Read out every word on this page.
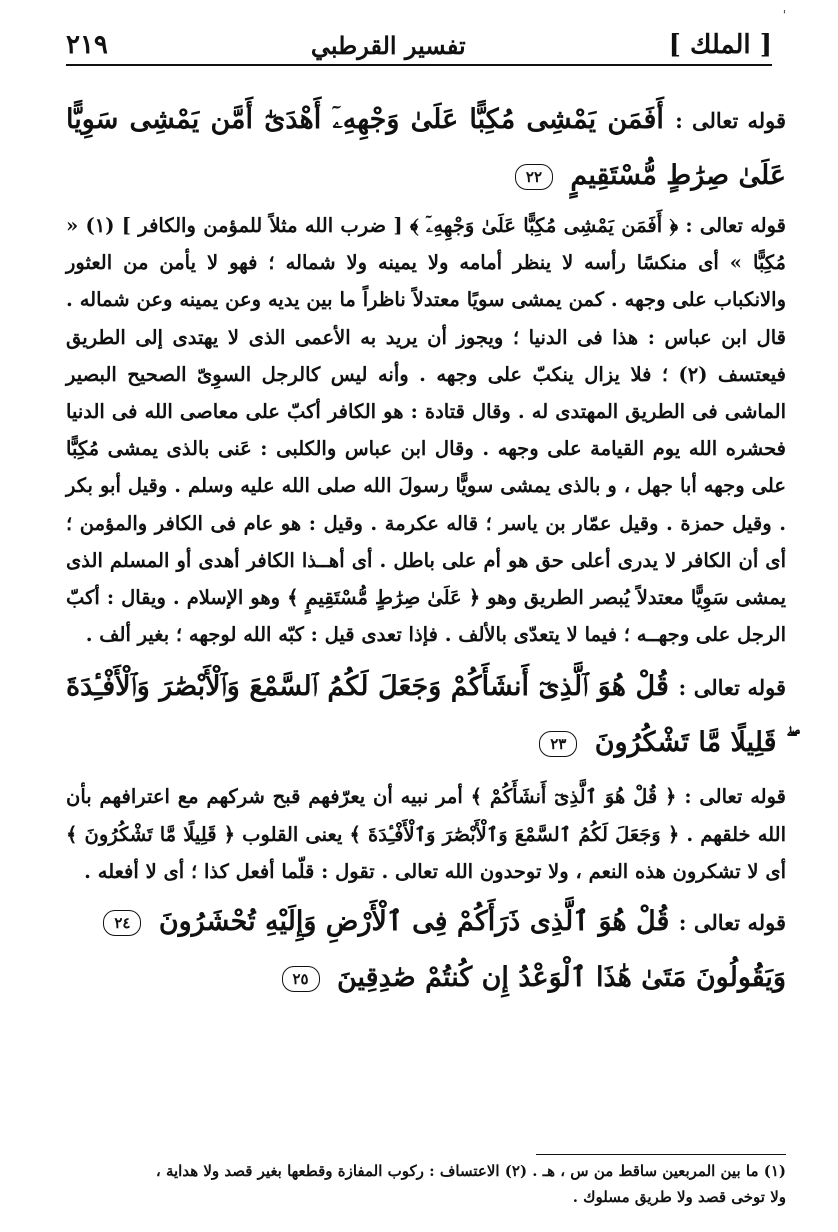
'
[ الملك ]
تفسير القرطبي
٢١٩

قوله تعالى : أَفَمَن يَمْشِى مُكِبًّا عَلَىٰ وَجْهِهِۦٓ أَهْدَىٰٓ أَمَّن يَمْشِى سَوِيًّا عَلَىٰ صِرَٰطٍ مُّسْتَقِيمٍ ٢٢

قوله تعالى : ﴿ أَفَمَن يَمْشِى مُكِبًّا عَلَىٰ وَجْهِهِۦٓ ﴾ [ ضرب الله مثلاً للمؤمن والكافر ] (١) « مُكِبًّا » أى منكسًا رأسه لا ينظر أمامه ولا يمينه ولا شماله ؛ فهو لا يأمن من العثور والانكباب على وجهه . كمن يمشى سويًا معتدلاً ناظراً ما بين يديه وعن يمينه وعن شماله . قال ابن عباس : هذا فى الدنيا ؛ ويجوز أن يريد به الأعمى الذى لا يهتدى إلى الطريق فيعتسف (٢) ؛ فلا يزال ينكبّ على وجهه . وأنه ليس كالرجل السوِىّ الصحيح البصير الماشى فى الطريق المهتدى له . وقال قتادة : هو الكافر أكبّ على معاصى الله فى الدنيا فحشره الله يوم القيامة على وجهه . وقال ابن عباس والكلبى : عَنى بالذى يمشى مُكِبًّا على وجهه أبا جهل ، و بالذى يمشى سويًّا رسولَ الله صلى الله عليه وسلم . وقيل أبو بكر . وقيل حمزة . وقيل عمّار بن ياسر ؛ قاله عكرمة . وقيل : هو عام فى الكافر والمؤمن ؛ أى أن الكافر لا يدرى أعلى حق هو أم على باطل . أى أهــذا الكافر أهدى أو المسلم الذى يمشى سَوِيًّا معتدلاً يُبصر الطريق وهو ﴿ عَلَىٰ صِرَٰطٍ مُّسْتَقِيمٍ ﴾ وهو الإسلام . ويقال : أكبّ الرجل على وجهــه ؛ فيما لا يتعدّى بالألف . فإذا تعدى قيل : كبّه الله لوجهه ؛ بغير ألف .

قوله تعالى : قُلْ هُوَ ٱلَّذِىٓ أَنشَأَكُمْ وَجَعَلَ لَكُمُ ٱلسَّمْعَ وَٱلْأَبْصَٰرَ وَٱلْأَفْـِٔدَةَ ۖ قَلِيلًا مَّا تَشْكُرُونَ ٢٣

قوله تعالى : ﴿ قُلْ هُوَ ٱلَّذِىٓ أَنشَأَكُمْ ﴾ أمر نبيه أن يعرّفهم قبح شركهم مع اعترافهم بأن الله خلقهم . ﴿ وَجَعَلَ لَكُمُ ٱلسَّمْعَ وَٱلْأَبْصَٰرَ وَٱلْأَفْـِٔدَةَ ﴾ يعنى القلوب ﴿ قَلِيلًا مَّا تَشْكُرُونَ ﴾ أى لا تشكرون هذه النعم ، ولا توحدون الله تعالى . تقول : قلّما أفعل كذا ؛ أى لا أفعله .

قوله تعالى : قُلْ هُوَ ٱلَّذِى ذَرَأَكُمْ فِى ٱلْأَرْضِ وَإِلَيْهِ تُحْشَرُونَ ٢٤

وَيَقُولُونَ مَتَىٰ هَٰذَا ٱلْوَعْدُ إِن كُنتُمْ صَٰدِقِينَ ٢٥

(١) ما بين المربعين ساقط من س ، هـ . (٢) الاعتساف : ركوب المفازة وقطعها بغير قصد ولا هداية ،

ولا توخى قصد ولا طريق مسلوك .
